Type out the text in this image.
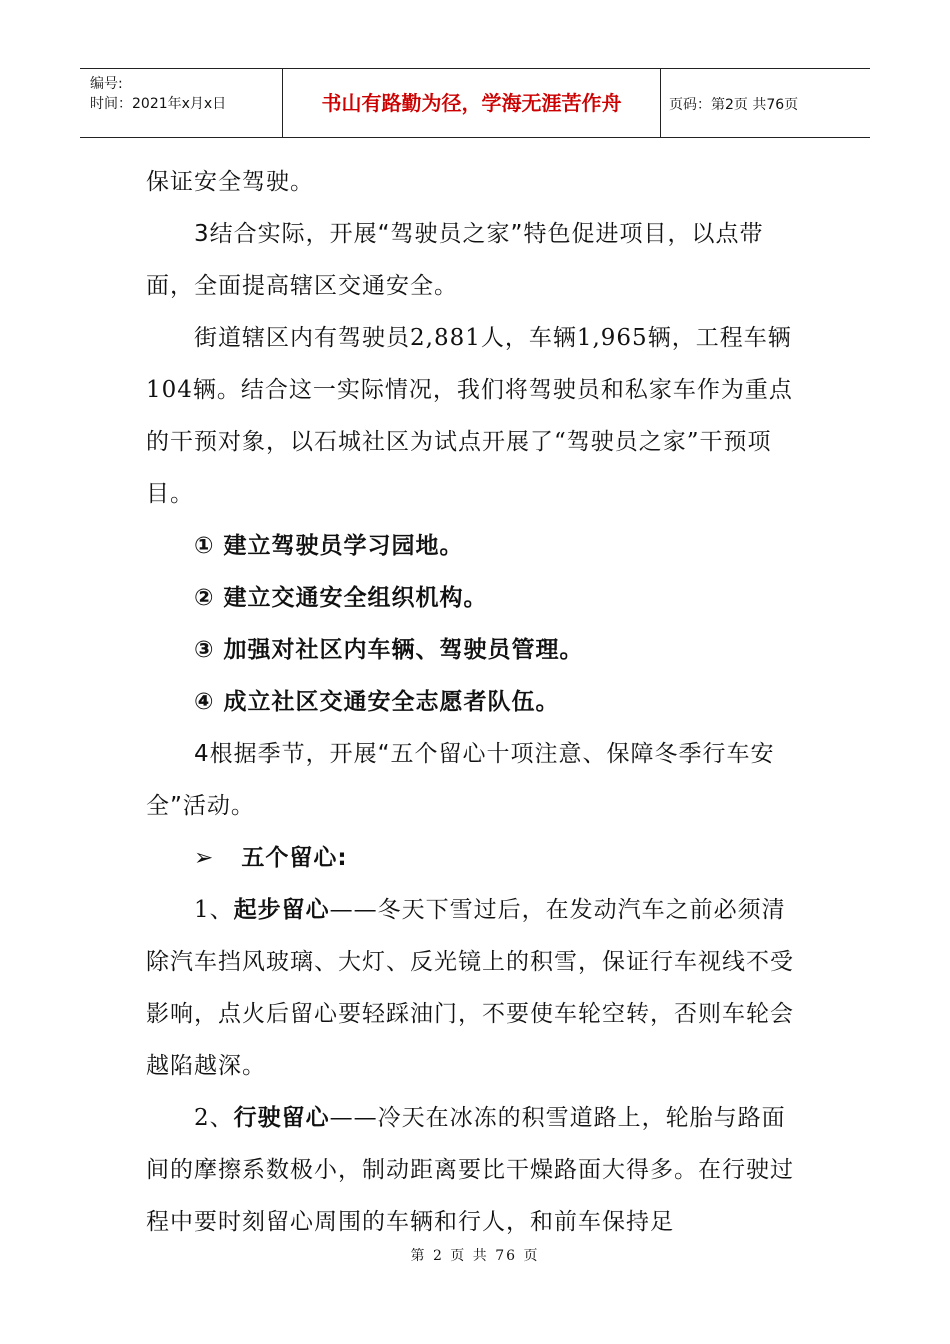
编号:
时间：2021年x月x日	书山有路勤为径，学海无涯苦作舟	页码：第2页 共76页

保证安全驾驶。

3结合实际，开展“驾驶员之家”特色促进项目，以点带面，全面提高辖区交通安全。

街道辖区内有驾驶员2,881人，车辆1,965辆，工程车辆104辆。结合这一实际情况，我们将驾驶员和私家车作为重点的干预对象，以石城社区为试点开展了“驾驶员之家”干预项目。

① 建立驾驶员学习园地。

② 建立交通安全组织机构。

③ 加强对社区内车辆、驾驶员管理。

④ 成立社区交通安全志愿者队伍。

4根据季节，开展“五个留心十项注意、保障冬季行车安全”活动。

➢ 五个留心:

1、起步留心——冬天下雪过后，在发动汽车之前必须清除汽车挡风玻璃、大灯、反光镜上的积雪，保证行车视线不受影响，点火后留心要轻踩油门，不要使车轮空转，否则车轮会越陷越深。

2、行驶留心——冷天在冰冻的积雪道路上，轮胎与路面间的摩擦系数极小，制动距离要比干燥路面大得多。在行驶过程中要时刻留心周围的车辆和行人，和前车保持足

第 2 页 共 76 页
